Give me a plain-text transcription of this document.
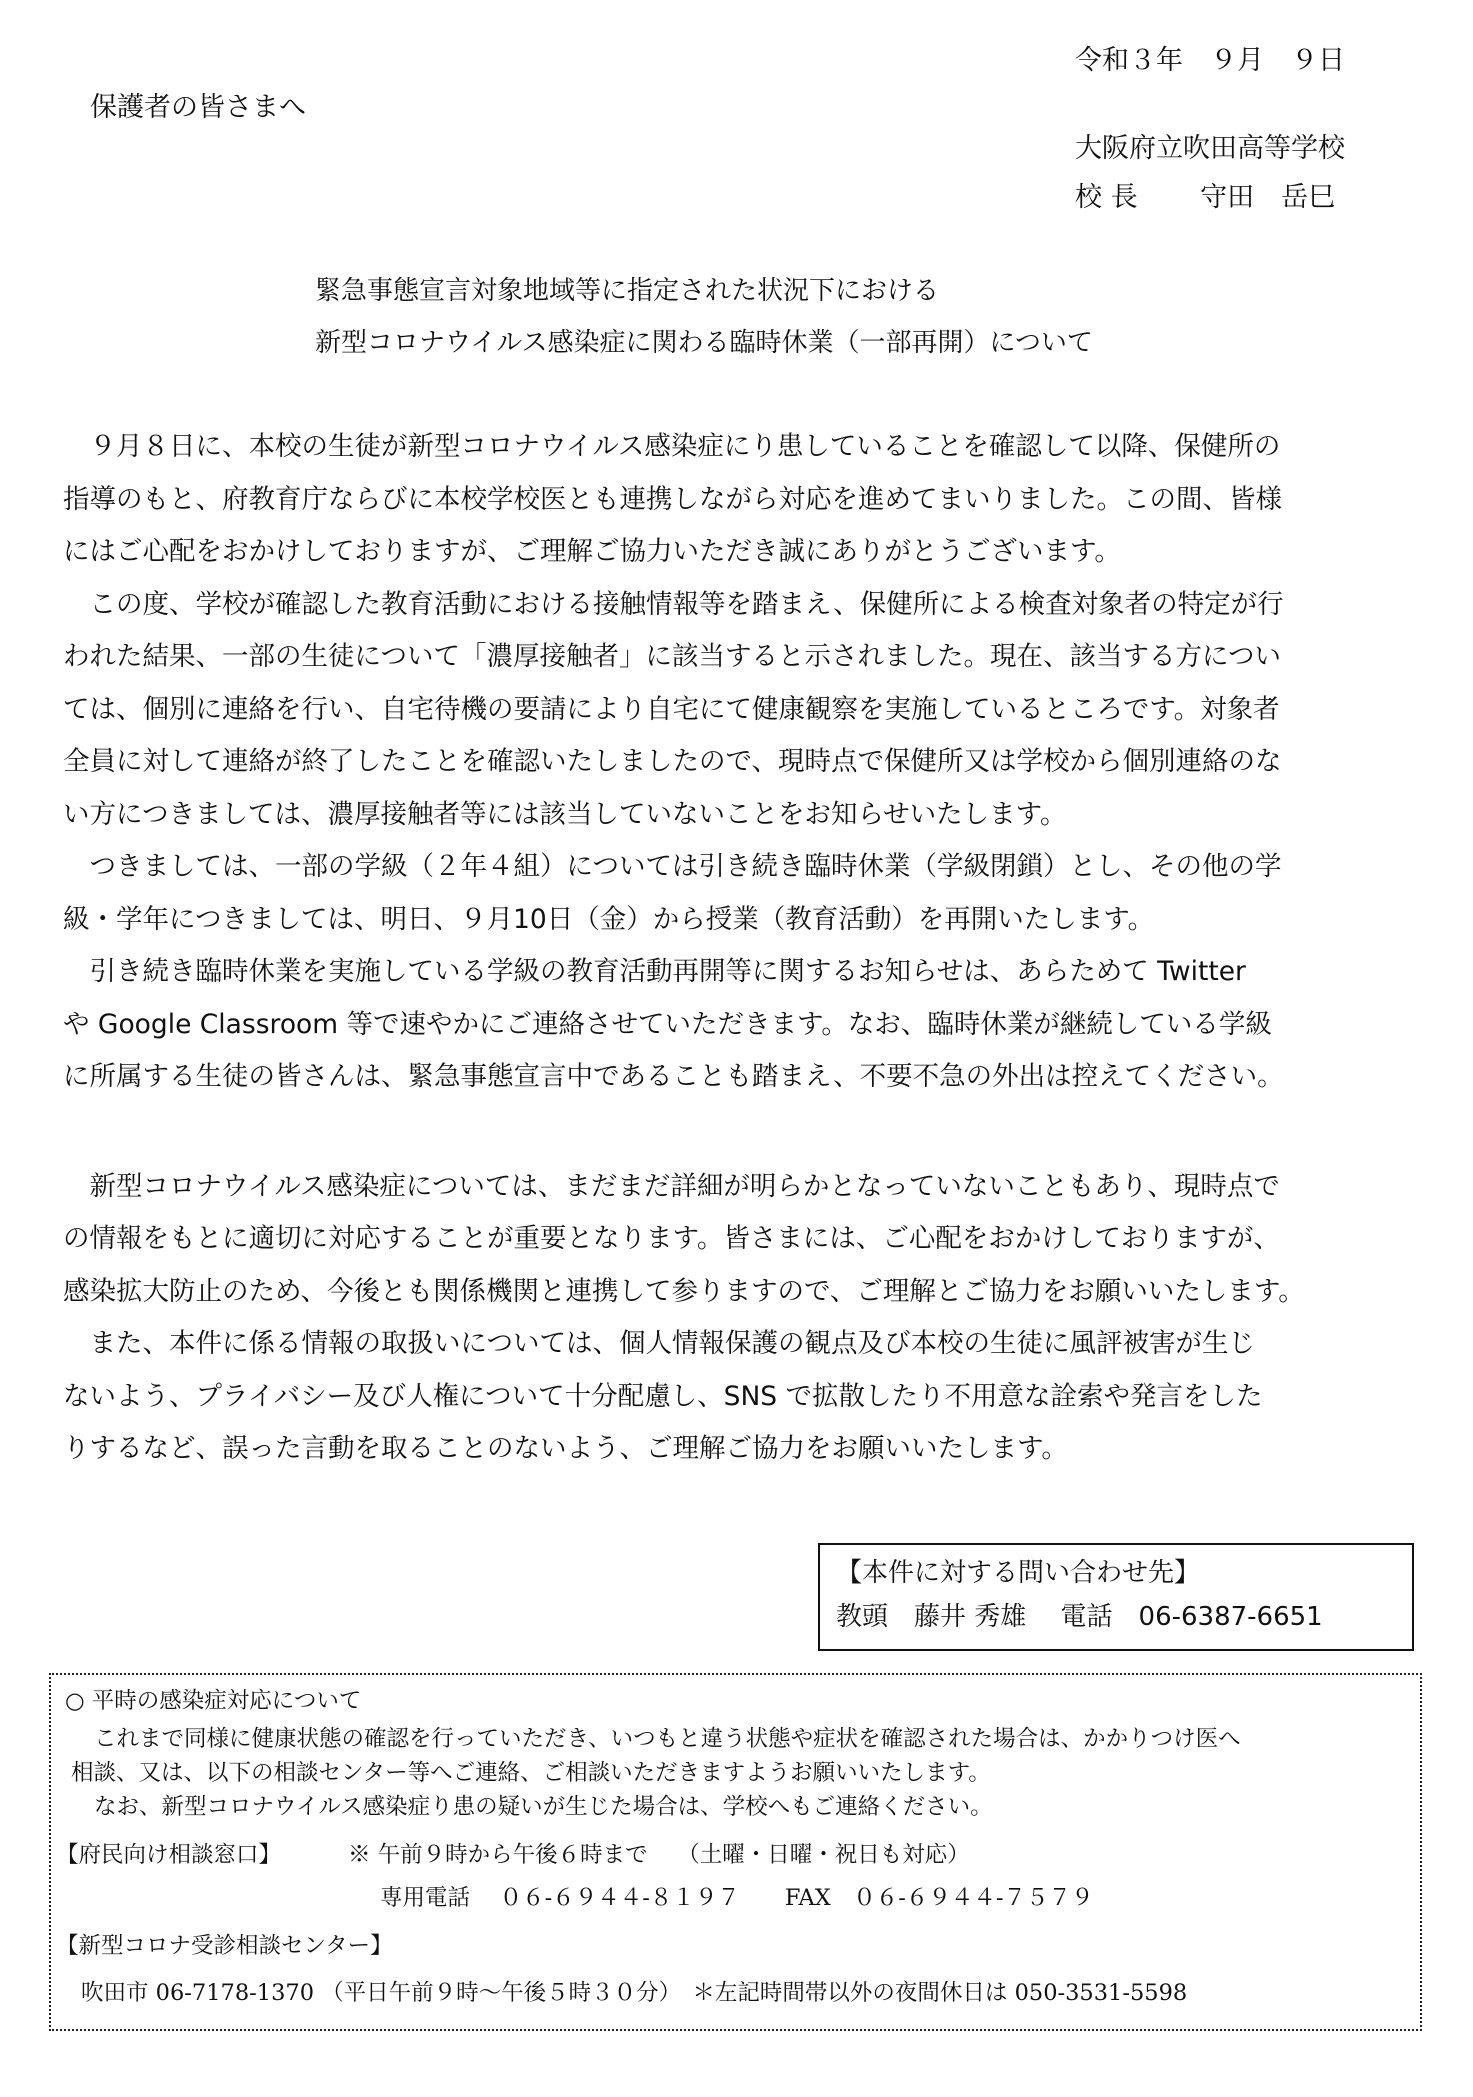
令和３年　９月　９日
保護者の皆さまへ
大阪府立吹田高等学校
校 長　　 守田　岳巳
緊急事態宣言対象地域等に指定された状況下における
新型コロナウイルス感染症に関わる臨時休業（一部再開）について
　９月８日に、本校の生徒が新型コロナウイルス感染症にり患していることを確認して以降、保健所の
指導のもと、府教育庁ならびに本校学校医とも連携しながら対応を進めてまいりました。この間、皆様
にはご心配をおかけしておりますが、ご理解ご協力いただき誠にありがとうございます。
　この度、学校が確認した教育活動における接触情報等を踏まえ、保健所による検査対象者の特定が行
われた結果、一部の生徒について「濃厚接触者」に該当すると示されました。現在、該当する方につい
ては、個別に連絡を行い、自宅待機の要請により自宅にて健康観察を実施しているところです。対象者
全員に対して連絡が終了したことを確認いたしましたので、現時点で保健所又は学校から個別連絡のな
い方につきましては、濃厚接触者等には該当していないことをお知らせいたします。
　つきましては、一部の学級（２年４組）については引き続き臨時休業（学級閉鎖）とし、その他の学
級・学年につきましては、明日、９月10日（金）から授業（教育活動）を再開いたします。
　引き続き臨時休業を実施している学級の教育活動再開等に関するお知らせは、あらためて Twitter
や Google Classroom 等で速やかにご連絡させていただきます。なお、臨時休業が継続している学級
に所属する生徒の皆さんは、緊急事態宣言中であることも踏まえ、不要不急の外出は控えてください。
　新型コロナウイルス感染症については、まだまだ詳細が明らかとなっていないこともあり、現時点で
の情報をもとに適切に対応することが重要となります。皆さまには、ご心配をおかけしておりますが、
感染拡大防止のため、今後とも関係機関と連携して参りますので、ご理解とご協力をお願いいたします。
　また、本件に係る情報の取扱いについては、個人情報保護の観点及び本校の生徒に風評被害が生じ
ないよう、プライバシー及び人権について十分配慮し、SNS で拡散したり不用意な詮索や発言をした
りするなど、誤った言動を取ることのないよう、ご理解ご協力をお願いいたします。
【本件に対する問い合わせ先】
教頭　藤井 秀雄　 電話　06-6387-6651
○ 平時の感染症対応について
これまで同様に健康状態の確認を行っていただき、いつもと違う状態や症状を確認された場合は、かかりつけ医へ
相談、又は、以下の相談センター等へご連絡、ご相談いただきますようお願いいたします。
なお、新型コロナウイルス感染症り患の疑いが生じた場合は、学校へもご連絡ください。
【府民向け相談窓口】	※ 午前９時から午後６時まで　 （土曜・日曜・祝日も対応）
専用電話　 ０６-６９４４-８１９７　　FAX　０６-６９４４-７５７９
【新型コロナ受診相談センター】
吹田市 06-7178-1370 （平日午前９時～午後５時３０分）　＊左記時間帯以外の夜間休日は 050-3531-5598
